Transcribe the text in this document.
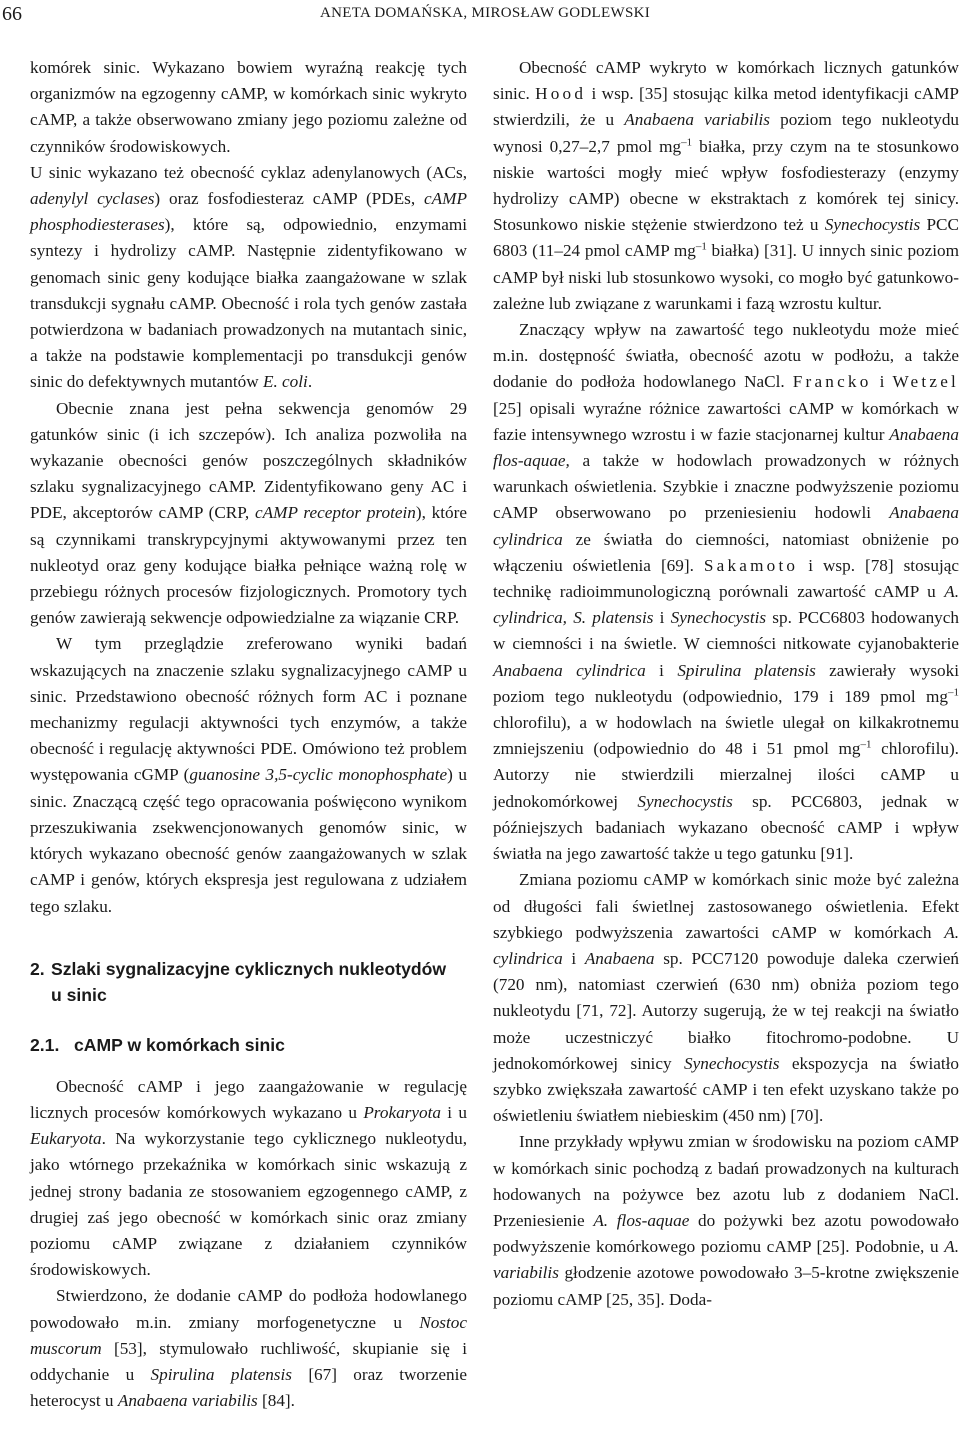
66	ANETA DOMAŃSKA, MIROSŁAW GODLEWSKI

komórek sinic. Wykazano bowiem wyraźną reakcję tych organizmów na egzogenny cAMP, w komórkach sinic wykryto cAMP, a także obserwowano zmiany jego poziomu zależne od czynników środowiskowych.

U sinic wykazano też obecność cyklaz adenylanowych (ACs, adenylyl cyclases) oraz fosfodiesteraz cAMP (PDEs, cAMP phosphodiesterases), które są, odpowiednio, enzymami syntezy i hydrolizy cAMP. Następnie zidentyfikowano w genomach sinic geny kodujące białka zaangażowane w szlak transdukcji sygnału cAMP. Obecność i rola tych genów zastała potwierdzona w badaniach prowadzonych na mutantach sinic, a także na podstawie komplementacji po transdukcji genów sinic do defektywnych mutantów E. coli.

Obecnie znana jest pełna sekwencja genomów 29 gatunków sinic (i ich szczepów). Ich analiza pozwoliła na wykazanie obecności genów poszczególnych składników szlaku sygnalizacyjnego cAMP. Zidentyfikowano geny AC i PDE, akceptorów cAMP (CRP, cAMP receptor protein), które są czynnikami transkrypcyjnymi aktywowanymi przez ten nukleotyd oraz geny kodujące białka pełniące ważną rolę w przebiegu różnych procesów fizjologicznych. Promotory tych genów zawierają sekwencje odpowiedzialne za wiązanie CRP.

W tym przeglądzie zreferowano wyniki badań wskazujących na znaczenie szlaku sygnalizacyjnego cAMP u sinic. Przedstawiono obecność różnych form AC i poznane mechanizmy regulacji aktywności tych enzymów, a także obecność i regulację aktywności PDE. Omówiono też problem występowania cGMP (guanosine 3,5-cyclic monophosphate) u sinic. Znaczącą część tego opracowania poświęcono wynikom przeszukiwania zsekwencjonowanych genomów sinic, w których wykazano obecność genów zaangażowanych w szlak cAMP i genów, których ekspresja jest regulowana z udziałem tego szlaku.

2. Szlaki sygnalizacyjne cyklicznych nukleotydów
u sinic
2.1. cAMP w komórkach sinic

Obecność cAMP i jego zaangażowanie w regulację licznych procesów komórkowych wykazano u Prokaryota i u Eukaryota. Na wykorzystanie tego cyklicznego nukleotydu, jako wtórnego przekaźnika w komórkach sinic wskazują z jednej strony badania ze stosowaniem egzogennego cAMP, z drugiej zaś jego obecność w komórkach sinic oraz zmiany poziomu cAMP związane z działaniem czynników środowiskowych.

Stwierdzono, że dodanie cAMP do podłoża hodowlanego powodowało m.in. zmiany morfogenetyczne u Nostoc muscorum [53], stymulowało ruchliwość, skupianie się i oddychanie u Spirulina platensis [67] oraz tworzenie heterocyst u Anabaena variabilis [84].

Obecność cAMP wykryto w komórkach licznych gatunków sinic. Hood i wsp. [35] stosując kilka metod identyfikacji cAMP stwierdzili, że u Anabaena variabilis poziom tego nukleotydu wynosi 0,27–2,7 pmol $mg^{-1}$ białka, przy czym na te stosunkowo niskie wartości mogły mieć wpływ fosfodiesterazy (enzymy hydrolizy cAMP) obecne w ekstraktach z komórek tej sinicy. Stosunkowo niskie stężenie stwierdzono też u Synechocystis PCC 6803 (11–24 pmol cAMP $mg^{-1}$ białka) [31]. U innych sinic poziom cAMP był niski lub stosunkowo wysoki, co mogło być gatunkowo-zależne lub związane z warunkami i fazą wzrostu kultur.

Znaczący wpływ na zawartość tego nukleotydu może mieć m.in. dostępność światła, obecność azotu w podłożu, a także dodanie do podłoża hodowlanego NaCl. Francko i Wetzel [25] opisali wyraźne różnice zawartości cAMP w komórkach w fazie intensywnego wzrostu i w fazie stacjonarnej kultur Anabaena flos-aquae, a także w hodowlach prowadzonych w różnych warunkach oświetlenia. Szybkie i znaczne podwyższenie poziomu cAMP obserwowano po przeniesieniu hodowli Anabaena cylindrica ze światła do ciemności, natomiast obniżenie po włączeniu oświetlenia [69]. Sakamoto i wsp. [78] stosując technikę radioimmunologiczną porównali zawartość cAMP u A. cylindrica, S. platensis i Synechocystis sp. PCC6803 hodowanych w ciemności i na świetle. W ciemności nitkowate cyjanobakterie Anabaena cylindrica i Spirulina platensis zawierały wysoki poziom tego nukleotydu (odpowiednio, 179 i 189 pmol $mg^{-1}$ chlorofilu), a w hodowlach na świetle ulegał on kilkakrotnemu zmniejszeniu (odpowiednio do 48 i 51 pmol $mg^{-1}$ chlorofilu). Autorzy nie stwierdzili mierzalnej ilości cAMP u jednokomórkowej Synechocystis sp. PCC6803, jednak w późniejszych badaniach wykazano obecność cAMP i wpływ światła na jego zawartość także u tego gatunku [91].

Zmiana poziomu cAMP w komórkach sinic może być zależna od długości fali świetlnej zastosowanego oświetlenia. Efekt szybkiego podwyższenia zawartości cAMP w komórkach A. cylindrica i Anabaena sp. PCC7120 powoduje daleka czerwień (720 nm), natomiast czerwień (630 nm) obniża poziom tego nukleotydu [71, 72]. Autorzy sugerują, że w tej reakcji na światło może uczestniczyć białko fitochromo-podobne. U jednokomórkowej sinicy Synechocystis ekspozycja na światło szybko zwiększała zawartość cAMP i ten efekt uzyskano także po oświetleniu światłem niebieskim (450 nm) [70].

Inne przykłady wpływu zmian w środowisku na poziom cAMP w komórkach sinic pochodzą z badań prowadzonych na kulturach hodowanych na pożywce bez azotu lub z dodaniem NaCl. Przeniesienie A. flos-aquae do pożywki bez azotu powodowało podwyższenie komórkowego poziomu cAMP [25]. Podobnie, u A. variabilis głodzenie azotowe powodowało 3–5-krotne zwiększenie poziomu cAMP [25, 35]. Doda-
